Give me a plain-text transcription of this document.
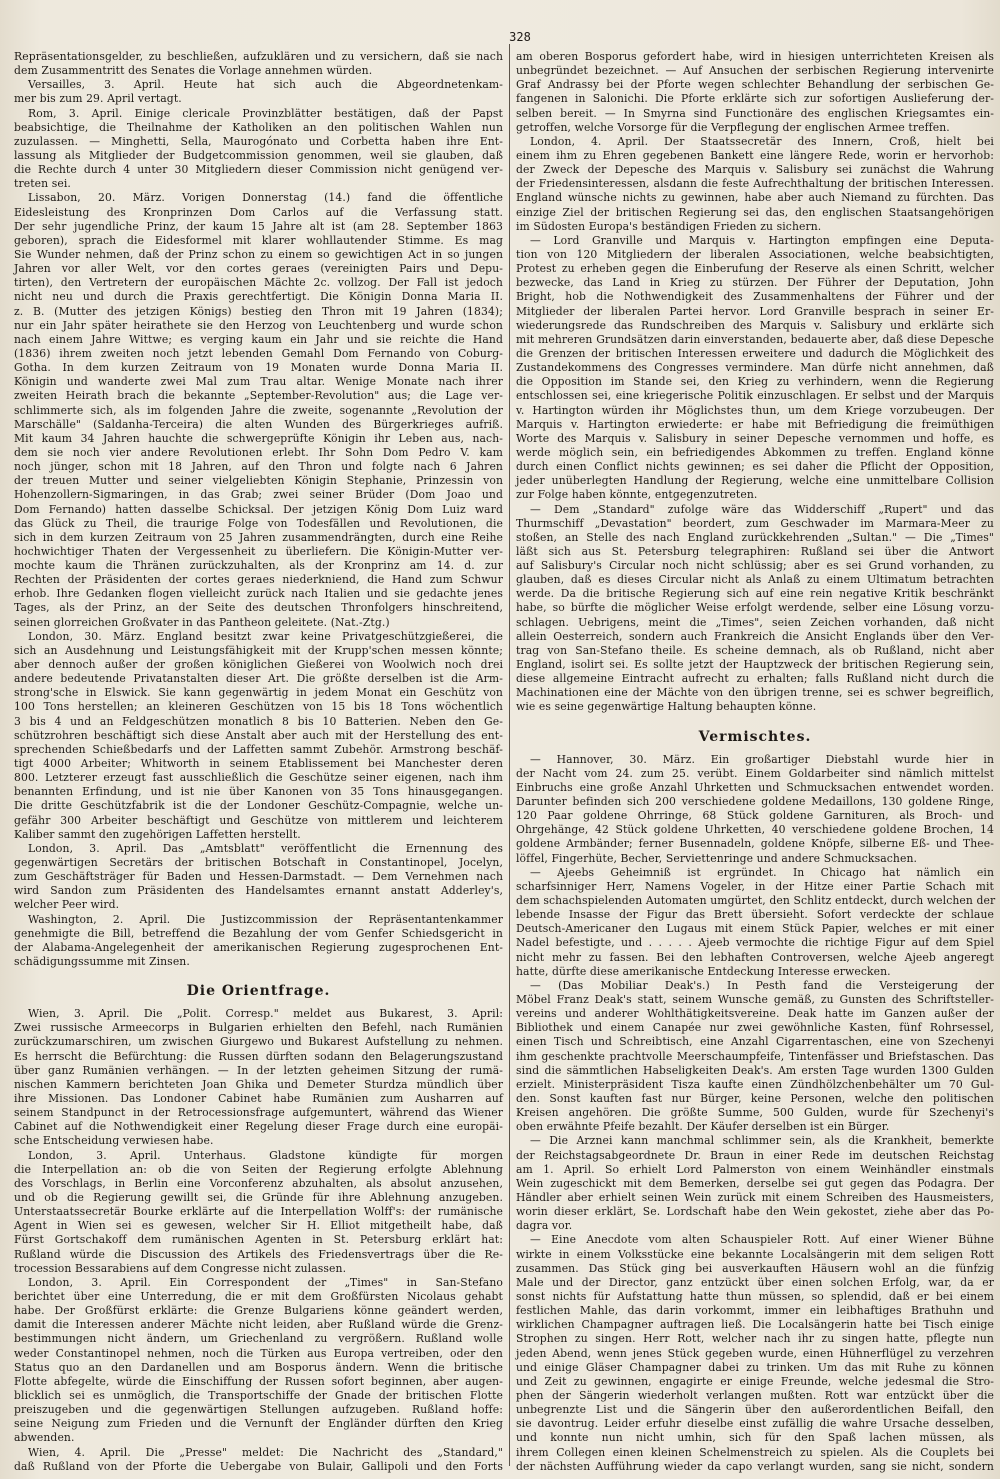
328
Repräsentationsgelder, zu beschließen, aufzuklären und zu versichern, daß sie nach
dem Zusammentritt des Senates die Vorlage annehmen würden.
Versailles, 3. April. Heute hat sich auch die Abgeordnetenkam-
mer bis zum 29. April vertagt.
Rom, 3. April. Einige clericale Provinzblätter bestätigen, daß der Papst
beabsichtige, die Theilnahme der Katholiken an den politischen Wahlen nun
zuzulassen. — Minghetti, Sella, Maurogónato und Corbetta haben ihre Ent-
lassung als Mitglieder der Budgetcommission genommen, weil sie glauben, daß
die Rechte durch 4 unter 30 Mitgliedern dieser Commission nicht genügend ver-
treten sei.
Lissabon, 20. März. Vorigen Donnerstag (14.) fand die öffentliche
Eidesleistung des Kronprinzen Dom Carlos auf die Verfassung statt.
Der sehr jugendliche Prinz, der kaum 15 Jahre alt ist (am 28. September 1863
geboren), sprach die Eidesformel mit klarer wohllautender Stimme. Es mag
Sie Wunder nehmen, daß der Prinz schon zu einem so gewichtigen Act in so jungen
Jahren vor aller Welt, vor den cortes geraes (vereinigten Pairs und Depu-
tirten), den Vertretern der europäischen Mächte 2c. vollzog. Der Fall ist jedoch
nicht neu und durch die Praxis gerechtfertigt. Die Königin Donna Maria II.
z. B. (Mutter des jetzigen Königs) bestieg den Thron mit 19 Jahren (1834);
nur ein Jahr später heirathete sie den Herzog von Leuchtenberg und wurde schon
nach einem Jahre Wittwe; es verging kaum ein Jahr und sie reichte die Hand
(1836) ihrem zweiten noch jetzt lebenden Gemahl Dom Fernando von Coburg-
Gotha. In dem kurzen Zeitraum von 19 Monaten wurde Donna Maria II.
Königin und wanderte zwei Mal zum Trau altar. Wenige Monate nach ihrer
zweiten Heirath brach die bekannte „September-Revolution" aus; die Lage ver-
schlimmerte sich, als im folgenden Jahre die zweite, sogenannte „Revolution der
Marschälle" (Saldanha-Terceira) die alten Wunden des Bürgerkrieges aufriß.
Mit kaum 34 Jahren hauchte die schwergeprüfte Königin ihr Leben aus, nach-
dem sie noch vier andere Revolutionen erlebt. Ihr Sohn Dom Pedro V. kam
noch jünger, schon mit 18 Jahren, auf den Thron und folgte nach 6 Jahren
der treuen Mutter und seiner vielgeliebten Königin Stephanie, Prinzessin von
Hohenzollern-Sigmaringen, in das Grab; zwei seiner Brüder (Dom Joao und
Dom Fernando) hatten dasselbe Schicksal. Der jetzigen König Dom Luiz ward
das Glück zu Theil, die traurige Folge von Todesfällen und Revolutionen, die
sich in dem kurzen Zeitraum von 25 Jahren zusammendrängten, durch eine Reihe
hochwichtiger Thaten der Vergessenheit zu überliefern. Die Königin-Mutter ver-
mochte kaum die Thränen zurückzuhalten, als der Kronprinz am 14. d. zur
Rechten der Präsidenten der cortes geraes niederkniend, die Hand zum Schwur
erhob. Ihre Gedanken flogen vielleicht zurück nach Italien und sie gedachte jenes
Tages, als der Prinz, an der Seite des deutschen Thronfolgers hinschreitend,
seinen glorreichen Großvater in das Pantheon geleitete. (Nat.-Ztg.)
London, 30. März. England besitzt zwar keine Privatgeschützgießerei, die
sich an Ausdehnung und Leistungsfähigkeit mit der Krupp'schen messen könnte;
aber dennoch außer der großen königlichen Gießerei von Woolwich noch drei
andere bedeutende Privatanstalten dieser Art. Die größte derselben ist die Arm-
strong'sche in Elswick. Sie kann gegenwärtig in jedem Monat ein Geschütz von
100 Tons herstellen; an kleineren Geschützen von 15 bis 18 Tons wöchentlich
3 bis 4 und an Feldgeschützen monatlich 8 bis 10 Batterien. Neben den Ge-
schützrohren beschäftigt sich diese Anstalt aber auch mit der Herstellung des ent-
sprechenden Schießbedarfs und der Laffetten sammt Zubehör. Armstrong beschäf-
tigt 4000 Arbeiter; Whitworth in seinem Etablissement bei Manchester deren
800. Letzterer erzeugt fast ausschließlich die Geschütze seiner eigenen, nach ihm
benannten Erfindung, und ist nie über Kanonen von 35 Tons hinausgegangen.
Die dritte Geschützfabrik ist die der Londoner Geschütz-Compagnie, welche un-
gefähr 300 Arbeiter beschäftigt und Geschütze von mittlerem und leichterem
Kaliber sammt den zugehörigen Laffetten herstellt.
London, 3. April. Das „Amtsblatt" veröffentlicht die Ernennung des
gegenwärtigen Secretärs der britischen Botschaft in Constantinopel, Jocelyn,
zum Geschäftsträger für Baden und Hessen-Darmstadt. — Dem Vernehmen nach
wird Sandon zum Präsidenten des Handelsamtes ernannt anstatt Adderley's,
welcher Peer wird.
Washington, 2. April. Die Justizcommission der Repräsentantenkammer
genehmigte die Bill, betreffend die Bezahlung der vom Genfer Schiedsgericht in
der Alabama-Angelegenheit der amerikanischen Regierung zugesprochenen Ent-
schädigungssumme mit Zinsen.
Die Orientfrage.
Wien, 3. April. Die „Polit. Corresp." meldet aus Bukarest, 3. April:
Zwei russische Armeecorps in Bulgarien erhielten den Befehl, nach Rumänien
zurückzumarschiren, um zwischen Giurgewo und Bukarest Aufstellung zu nehmen.
Es herrscht die Befürchtung: die Russen dürften sodann den Belagerungszustand
über ganz Rumänien verhängen. — In der letzten geheimen Sitzung der rumä-
nischen Kammern berichteten Joan Ghika und Demeter Sturdza mündlich über
ihre Missionen. Das Londoner Cabinet habe Rumänien zum Ausharren auf
seinem Standpunct in der Retrocessionsfrage aufgemuntert, während das Wiener
Cabinet auf die Nothwendigkeit einer Regelung dieser Frage durch eine europäi-
sche Entscheidung verwiesen habe.
London, 3. April. Unterhaus. Gladstone kündigte für morgen
die Interpellation an: ob die von Seiten der Regierung erfolgte Ablehnung
des Vorschlags, in Berlin eine Vorconferenz abzuhalten, als absolut anzusehen,
und ob die Regierung gewillt sei, die Gründe für ihre Ablehnung anzugeben.
Unterstaatssecretär Bourke erklärte auf die Interpellation Wolff's: der rumänische
Agent in Wien sei es gewesen, welcher Sir H. Elliot mitgetheilt habe, daß
Fürst Gortschakoff dem rumänischen Agenten in St. Petersburg erklärt hat:
Rußland würde die Discussion des Artikels des Friedensvertrags über die Re-
trocession Bessarabiens auf dem Congresse nicht zulassen.
London, 3. April. Ein Correspondent der „Times" in San-Stefano
berichtet über eine Unterredung, die er mit dem Großfürsten Nicolaus gehabt
habe. Der Großfürst erklärte: die Grenze Bulgariens könne geändert werden,
damit die Interessen anderer Mächte nicht leiden, aber Rußland würde die Grenz-
bestimmungen nicht ändern, um Griechenland zu vergrößern. Rußland wolle
weder Constantinopel nehmen, noch die Türken aus Europa vertreiben, oder den
Status quo an den Dardanellen und am Bosporus ändern. Wenn die britische
Flotte abfegelte, würde die Einschiffung der Russen sofort beginnen, aber augen-
blicklich sei es unmöglich, die Transportschiffe der Gnade der britischen Flotte
preiszugeben und die gegenwärtigen Stellungen aufzugeben. Rußland hoffe:
seine Neigung zum Frieden und die Vernunft der Engländer dürften den Krieg
abwenden.
Wien, 4. April. Die „Presse" meldet: Die Nachricht des „Standard,"
daß Rußland von der Pforte die Uebergabe von Bulair, Gallipoli und den Forts
am oberen Bosporus gefordert habe, wird in hiesigen unterrichteten Kreisen als
unbegründet bezeichnet. — Auf Ansuchen der serbischen Regierung intervenirte
Graf Andrassy bei der Pforte wegen schlechter Behandlung der serbischen Ge-
fangenen in Salonichi. Die Pforte erklärte sich zur sofortigen Auslieferung der-
selben bereit. — In Smyrna sind Functionäre des englischen Kriegsamtes ein-
getroffen, welche Vorsorge für die Verpflegung der englischen Armee treffen.
London, 4. April. Der Staatssecretär des Innern, Croß, hielt bei
einem ihm zu Ehren gegebenen Bankett eine längere Rede, worin er hervorhob:
der Zweck der Depesche des Marquis v. Salisbury sei zunächst die Wahrung
der Friedensinteressen, alsdann die feste Aufrechthaltung der britischen Interessen.
England wünsche nichts zu gewinnen, habe aber auch Niemand zu fürchten. Das
einzige Ziel der britischen Regierung sei das, den englischen Staatsangehörigen
im Südosten Europa's beständigen Frieden zu sichern.
— Lord Granville und Marquis v. Hartington empfingen eine Deputa-
tion von 120 Mitgliedern der liberalen Associationen, welche beabsichtigten,
Protest zu erheben gegen die Einberufung der Reserve als einen Schritt, welcher
bezwecke, das Land in Krieg zu stürzen. Der Führer der Deputation, John
Bright, hob die Nothwendigkeit des Zusammenhaltens der Führer und der
Mitglieder der liberalen Partei hervor. Lord Granville besprach in seiner Er-
wiederungsrede das Rundschreiben des Marquis v. Salisbury und erklärte sich
mit mehreren Grundsätzen darin einverstanden, bedauerte aber, daß diese Depesche
die Grenzen der britischen Interessen erweitere und dadurch die Möglichkeit des
Zustandekommens des Congresses vermindere. Man dürfe nicht annehmen, daß
die Opposition im Stande sei, den Krieg zu verhindern, wenn die Regierung
entschlossen sei, eine kriegerische Politik einzuschlagen. Er selbst und der Marquis
v. Hartington würden ihr Möglichstes thun, um dem Kriege vorzubeugen. Der
Marquis v. Hartington erwiederte: er habe mit Befriedigung die freimüthigen
Worte des Marquis v. Salisbury in seiner Depesche vernommen und hoffe, es
werde möglich sein, ein befriedigendes Abkommen zu treffen. England könne
durch einen Conflict nichts gewinnen; es sei daher die Pflicht der Opposition,
jeder unüberlegten Handlung der Regierung, welche eine unmittelbare Collision
zur Folge haben könnte, entgegenzutreten.
— Dem „Standard" zufolge wäre das Widderschiff „Rupert" und das
Thurmschiff „Devastation" beordert, zum Geschwader im Marmara-Meer zu
stoßen, an Stelle des nach England zurückkehrenden „Sultan." — Die „Times"
läßt sich aus St. Petersburg telegraphiren: Rußland sei über die Antwort
auf Salisbury's Circular noch nicht schlüssig; aber es sei Grund vorhanden, zu
glauben, daß es dieses Circular nicht als Anlaß zu einem Ultimatum betrachten
werde. Da die britische Regierung sich auf eine rein negative Kritik beschränkt
habe, so bürfte die möglicher Weise erfolgt werdende, selber eine Lösung vorzu-
schlagen. Uebrigens, meint die „Times", seien Zeichen vorhanden, daß nicht
allein Oesterreich, sondern auch Frankreich die Ansicht Englands über den Ver-
trag von San-Stefano theile. Es scheine demnach, als ob Rußland, nicht aber
England, isolirt sei. Es sollte jetzt der Hauptzweck der britischen Regierung sein,
diese allgemeine Eintracht aufrecht zu erhalten; falls Rußland nicht durch die
Machinationen eine der Mächte von den übrigen trenne, sei es schwer begreiflich,
wie es seine gegenwärtige Haltung behaupten könne.
Vermischtes.
— Hannover, 30. März. Ein großartiger Diebstahl wurde hier in
der Nacht vom 24. zum 25. verübt. Einem Goldarbeiter sind nämlich mittelst
Einbruchs eine große Anzahl Uhrketten und Schmucksachen entwendet worden.
Darunter befinden sich 200 verschiedene goldene Medaillons, 130 goldene Ringe,
120 Paar goldene Ohrringe, 68 Stück goldene Garnituren, als Broch- und
Ohrgehänge, 42 Stück goldene Uhrketten, 40 verschiedene goldene Brochen, 14
goldene Armbänder; ferner Busennadeln, goldene Knöpfe, silberne Eß- und Thee-
löffel, Fingerhüte, Becher, Serviettenringe und andere Schmucksachen.
— Ajeebs Geheimniß ist ergründet. In Chicago hat nämlich ein
scharfsinniger Herr, Namens Vogeler, in der Hitze einer Partie Schach mit
dem schachspielenden Automaten umgürtet, den Schlitz entdeckt, durch welchen der
lebende Insasse der Figur das Brett übersieht. Sofort verdeckte der schlaue
Deutsch-Americaner den Lugaus mit einem Stück Papier, welches er mit einer
Nadel befestigte, und . . . . . Ajeeb vermochte die richtige Figur auf dem Spiel
nicht mehr zu fassen. Bei den lebhaften Controversen, welche Ajeeb angeregt
hatte, dürfte diese amerikanische Entdeckung Interesse erwecken.
— (Das Mobiliar Deak's.) In Pesth fand die Versteigerung der
Möbel Franz Deak's statt, seinem Wunsche gemäß, zu Gunsten des Schriftsteller-
vereins und anderer Wohlthätigkeitsvereine. Deak hatte im Ganzen außer der
Bibliothek und einem Canapée nur zwei gewöhnliche Kasten, fünf Rohrsessel,
einen Tisch und Schreibtisch, eine Anzahl Cigarrentaschen, eine von Szechenyi
ihm geschenkte prachtvolle Meerschaumpfeife, Tintenfässer und Briefstaschen. Das
sind die sämmtlichen Habseligkeiten Deak's. Am ersten Tage wurden 1300 Gulden
erzielt. Ministerpräsident Tisza kaufte einen Zündhölzchenbehälter um 70 Gul-
den. Sonst kauften fast nur Bürger, keine Personen, welche den politischen
Kreisen angehören. Die größte Summe, 500 Gulden, wurde für Szechenyi's
oben erwähnte Pfeife bezahlt. Der Käufer derselben ist ein Bürger.
— Die Arznei kann manchmal schlimmer sein, als die Krankheit, bemerkte
der Reichstagsabgeordnete Dr. Braun in einer Rede im deutschen Reichstag
am 1. April. So erhielt Lord Palmerston von einem Weinhändler einstmals
Wein zugeschickt mit dem Bemerken, derselbe sei gut gegen das Podagra. Der
Händler aber erhielt seinen Wein zurück mit einem Schreiben des Hausmeisters,
worin dieser erklärt, Se. Lordschaft habe den Wein gekostet, ziehe aber das Po-
dagra vor.
— Eine Anecdote vom alten Schauspieler Rott. Auf einer Wiener Bühne
wirkte in einem Volksstücke eine bekannte Localsängerin mit dem seligen Rott
zusammen. Das Stück ging bei ausverkauften Häusern wohl an die fünfzig
Male und der Director, ganz entzückt über einen solchen Erfolg, war, da er
sonst nichts für Aufstattung hatte thun müssen, so splendid, daß er bei einem
festlichen Mahle, das darin vorkommt, immer ein leibhaftiges Brathuhn und
wirklichen Champagner auftragen ließ. Die Localsängerin hatte bei Tisch einige
Strophen zu singen. Herr Rott, welcher nach ihr zu singen hatte, pflegte nun
jeden Abend, wenn jenes Stück gegeben wurde, einen Hühnerflügel zu verzehren
und einige Gläser Champagner dabei zu trinken. Um das mit Ruhe zu können
und Zeit zu gewinnen, engagirte er einige Freunde, welche jedesmal die Stro-
phen der Sängerin wiederholt verlangen mußten. Rott war entzückt über die
unbegrenzte List und die Sängerin über den außerordentlichen Beifall, den
sie davontrug. Leider erfuhr dieselbe einst zufällig die wahre Ursache desselben,
und konnte nun nicht umhin, sich für den Spaß lachen müssen, als
ihrem Collegen einen kleinen Schelmenstreich zu spielen. Als die Couplets bei
der nächsten Aufführung wieder da capo verlangt wurden, sang sie nicht, sondern
